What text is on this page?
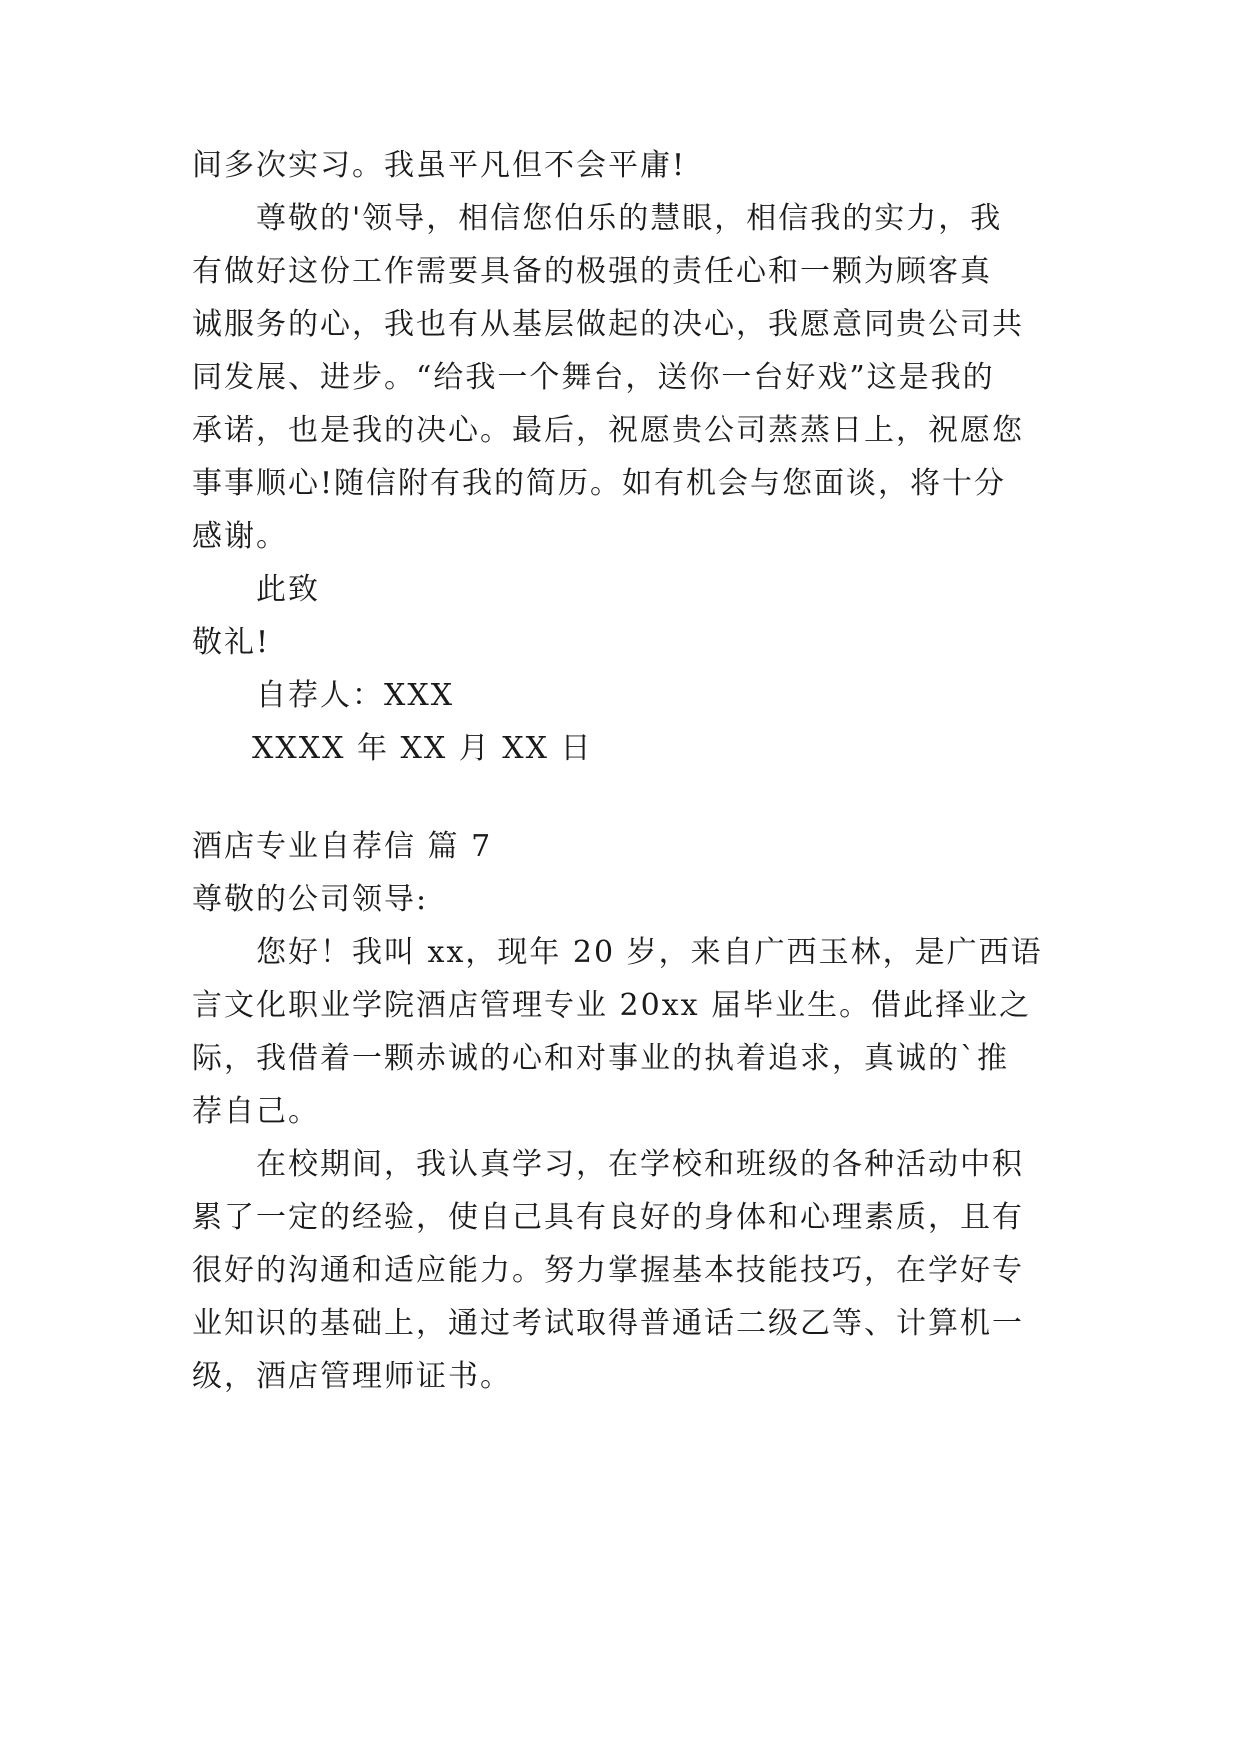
间多次实习。我虽平凡但不会平庸!
尊敬的'领导，相信您伯乐的慧眼，相信我的实力，我
有做好这份工作需要具备的极强的责任心和一颗为顾客真
诚服务的心，我也有从基层做起的决心，我愿意同贵公司共
同发展、进步。“给我一个舞台，送你一台好戏”这是我的
承诺，也是我的决心。最后，祝愿贵公司蒸蒸日上，祝愿您
事事顺心!随信附有我的简历。如有机会与您面谈，将十分
感谢。
此致
敬礼!
自荐人：XXX
XXXX 年 XX 月 XX 日
酒店专业自荐信 篇 7
尊敬的公司领导:
您好！我叫 xx，现年 20 岁，来自广西玉林，是广西语
言文化职业学院酒店管理专业 20xx 届毕业生。借此择业之
际，我借着一颗赤诚的心和对事业的执着追求，真诚的`推
荐自己。
在校期间，我认真学习，在学校和班级的各种活动中积
累了一定的经验，使自己具有良好的身体和心理素质，且有
很好的沟通和适应能力。努力掌握基本技能技巧，在学好专
业知识的基础上，通过考试取得普通话二级乙等、计算机一
级，酒店管理师证书。
